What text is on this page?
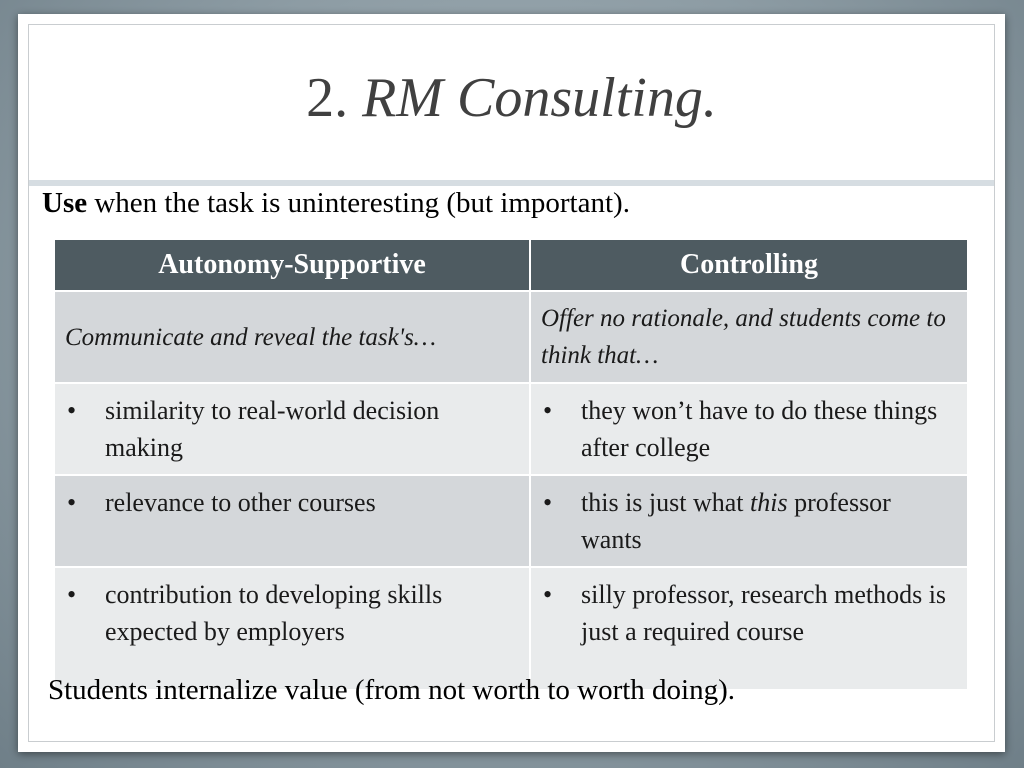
2. RM Consulting.
Use when the task is uninteresting (but important).
Autonomy-Supportive	Controlling
Communicate and reveal the task's…	Offer no rationale, and students come to think that…

• similarity to real-world decision making	• they won’t have to do these things after college

• relevance to other courses	• this is just what this professor wants

• contribution to developing skills expected by employers	• silly professor, research methods is just a required course
Students internalize value (from not worth to worth doing).
